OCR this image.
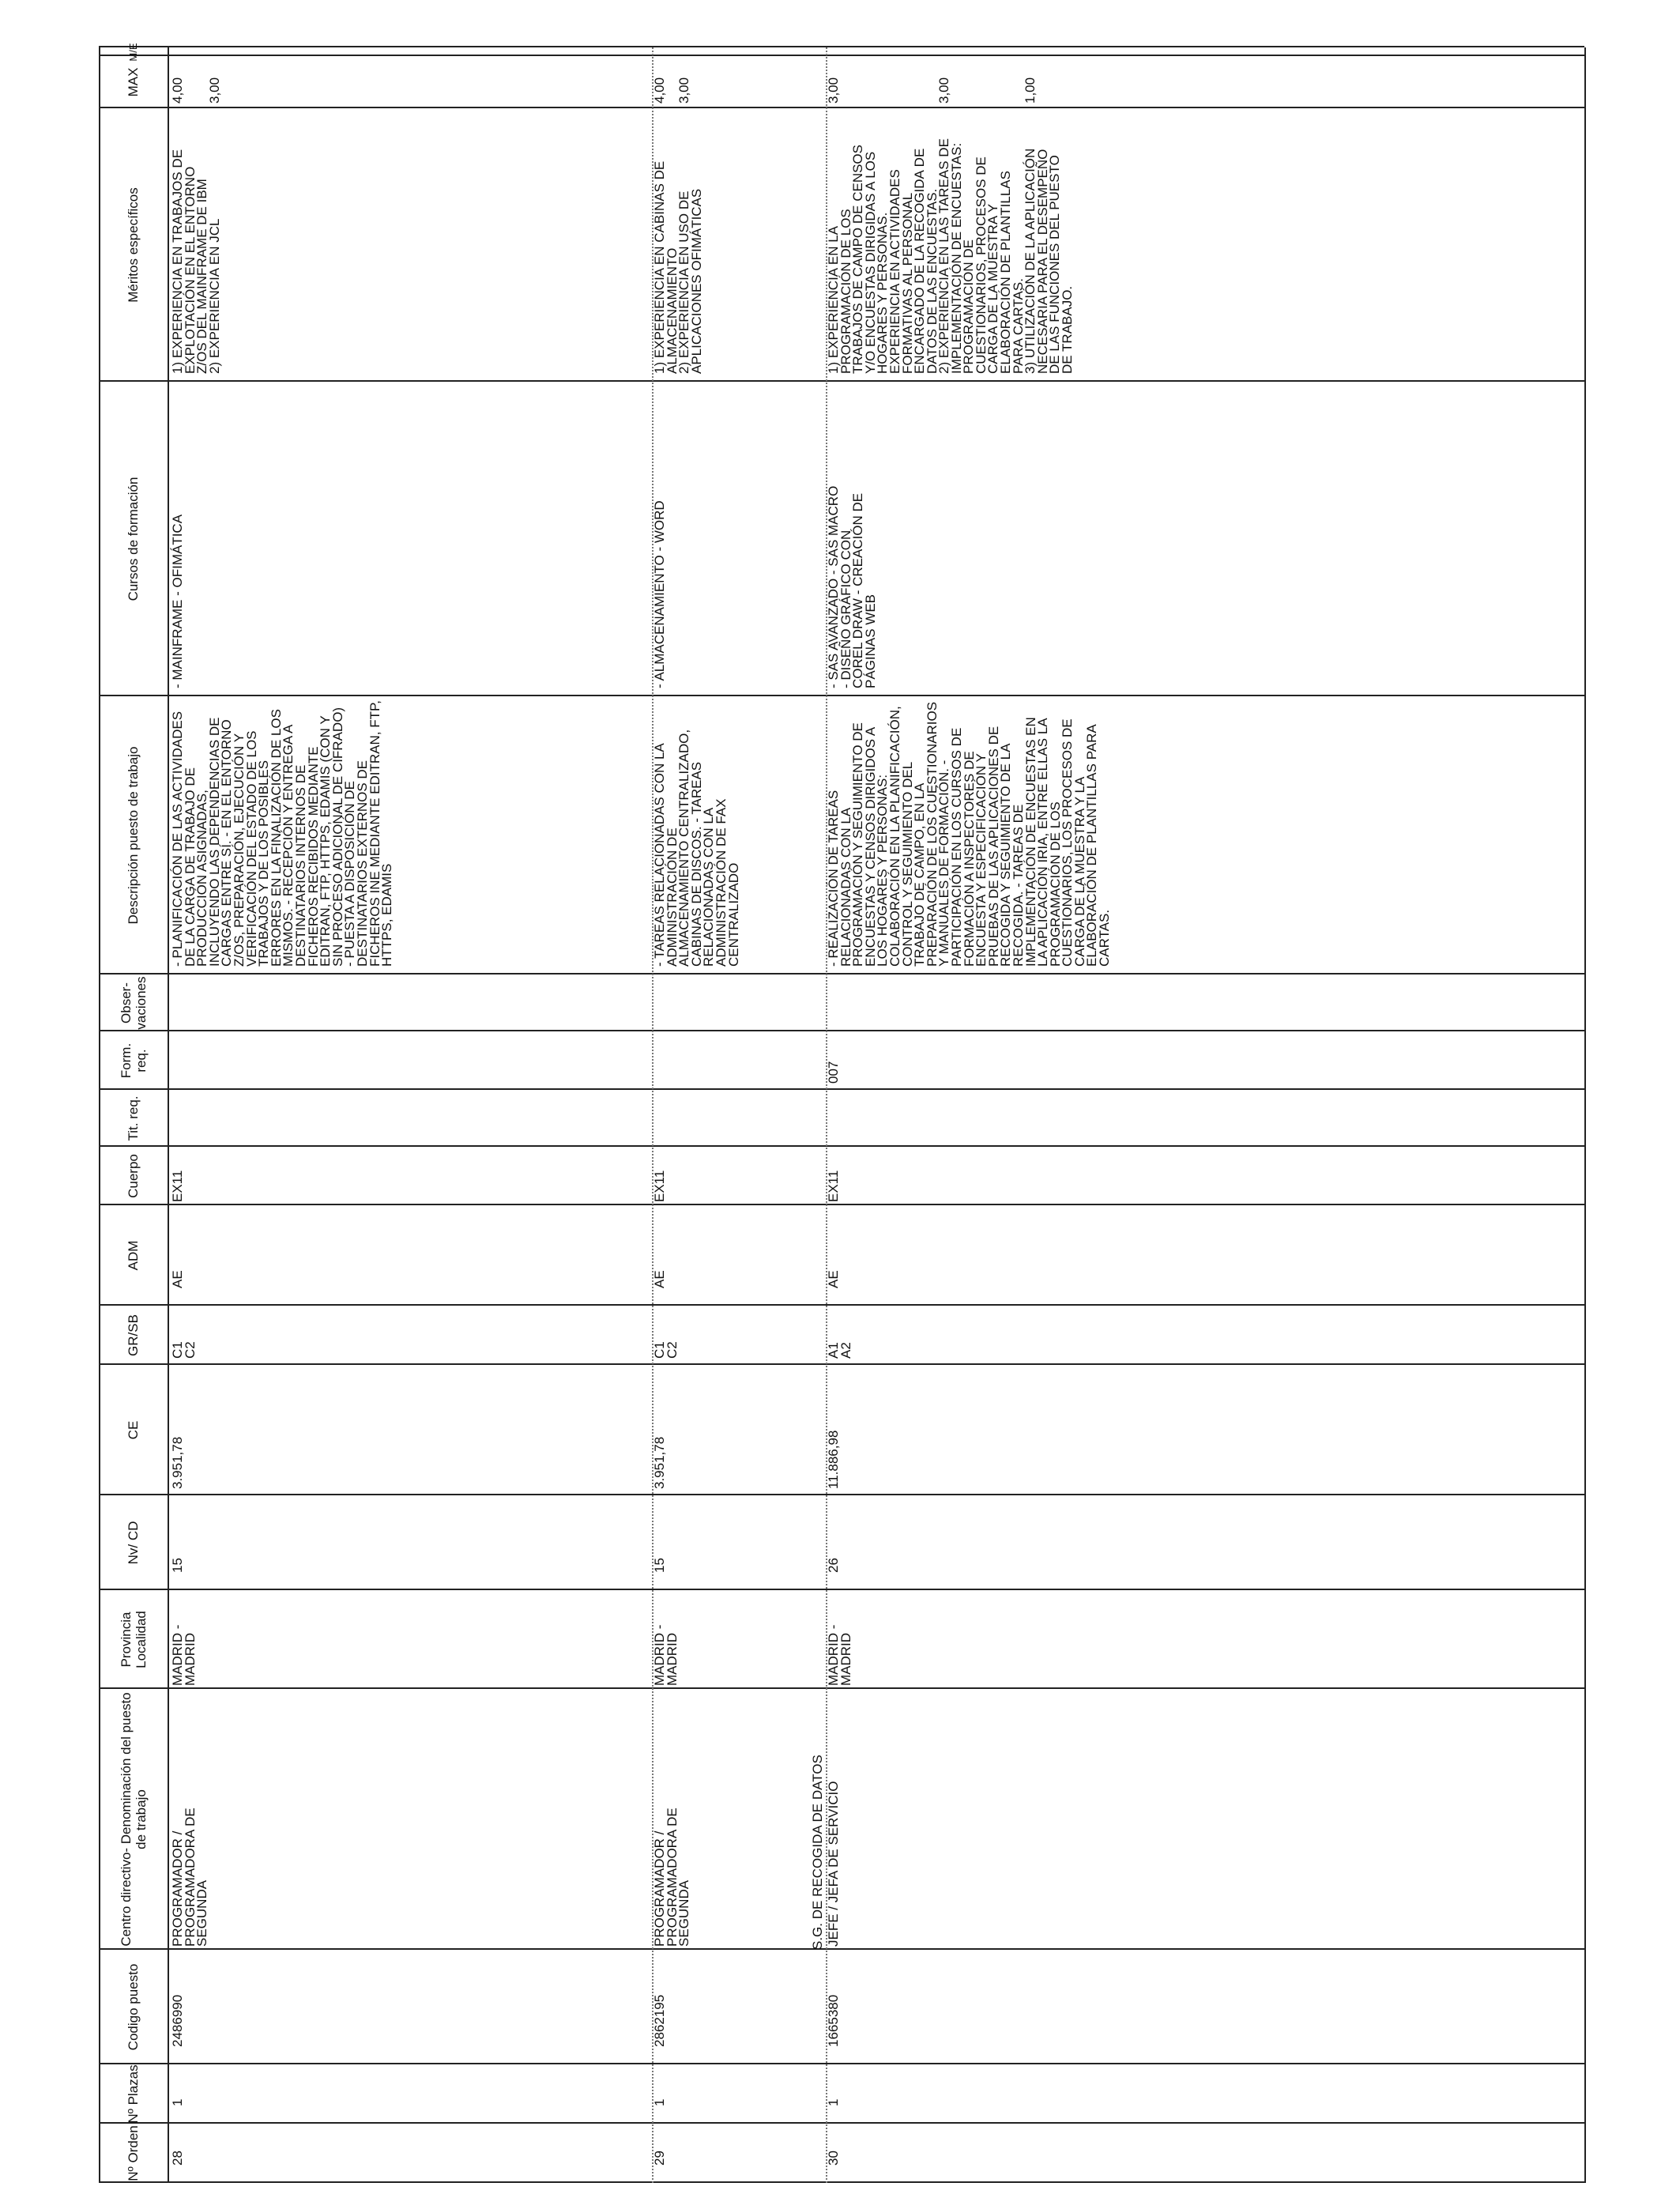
Nº Orden
Nº Plazas
Codigo puesto
Centro directivo- Denominación del puesto de trabajo
Provincia Localidad
Nv/ CD
CE
GR/SB
ADM
Cuerpo
Tit. req.
Form. req.
Obser- vaciones
Descripción puesto de trabajo
Cursos de formación
Méritos específicos
MAX
M/E
28
1
2486990
PROGRAMADOR / PROGRAMADORA DE SEGUNDA
MADRID - MADRID
15
3.951,78
C1 C2
AE
EX11
- PLANIFICACIÓN DE LAS ACTIVIDADES DE LA CARGA DE TRABAJO DE PRODUCCIÓN ASIGNADAS, INCLUYENDO LAS DEPENDENCIAS DE CARGAS ENTRE SÍ. - EN EL ENTORNO Z/OS, PREPARACIÓN, EJECUCIÓN Y VERIFICACIÓN DEL ESTADO DE LOS TRABAJOS Y DE LOS POSIBLES ERRORES EN LA FINALIZACIÓN DE LOS MISMOS. - RECEPCIÓN Y ENTREGA A DESTINATARIOS INTERNOS DE FICHEROS RECIBIDOS MEDIANTE EDITRAN, FTP, HTTPS, EDAMIS (CON Y SIN PROCESO ADICIONAL DE CIFRADO) - PUESTA A DISPOSICIÓN DE DESTINATARIOS EXTERNOS DE FICHEROS INE MEDIANTE EDITRAN, FTP, HTTPS, EDAMIS
- MAINFRAME - OFIMÁTICA
1) EXPERIENCIA EN TRABAJOS DE EXPLOTACIÓN EN EL ENTORNO Z/OS DEL MAINFRAME DE IBM
4,00
2) EXPERIENCIA EN JCL
3,00
29
1
2862195
PROGRAMADOR / PROGRAMADORA DE SEGUNDA
MADRID - MADRID
15
3.951,78
C1 C2
AE
EX11
- TAREAS RELACIONADAS CON LA ADMINISTRACIÓN DE ALMACENAMIENTO CENTRALIZADO, CABINAS DE DISCOS. - TAREAS RELACIONADAS CON LA ADMINISTRACIÓN DE FAX CENTRALIZADO
- ALMACENAMIENTO - WORD
1) EXPERIENCIA EN CABINAS DE ALMACENAMIENTO
4,00
2) EXPERIENCIA EN USO DE APLICACIONES OFIMÁTICAS
3,00
30
1
1665380
S.G. DE RECOGIDA DE DATOS JEFE / JEFA DE SERVICIO
MADRID - MADRID
26
11.886,98
A1 A2
AE
EX11
007
- REALIZACIÓN DE TAREAS RELACIONADAS CON LA PROGRAMACIÓN Y SEGUIMIENTO DE ENCUESTAS Y CENSOS DIRIGIDOS A LOS HOGARES Y PERSONAS: COLABORACIÓN EN LA PLANIFICACIÓN, CONTROL Y SEGUIMIENTO DEL TRABAJO DE CAMPO, EN LA PREPARACIÓN DE LOS CUESTIONARIOS Y MANUALES DE FORMACIÓN. - PARTICIPACIÓN EN LOS CURSOS DE FORMACIÓN A INSPECTORES DE ENCUESTA Y ESPECIFICACIÓN Y PRUEBAS DE LAS APLICACIONES DE RECOGIDA Y SEGUIMIENTO DE LA RECOGIDA. - TAREAS DE IMPLEMENTACIÓN DE ENCUESTAS EN LA APLICACIÓN IRIA, ENTRE ELLAS LA PROGRAMACIÓN DE LOS CUESTIONARIOS, LOS PROCESOS DE CARGA DE LA MUESTRA Y LA ELABORACIÓN DE PLANTILLAS PARA CARTAS.
- SAS AVANZADO - SAS MACRO - DISEÑO GRÁFICO CON COREL DRAW - CREACIÓN DE PÁGINAS WEB
1) EXPERIENCIA EN LA PROGRAMACIÓN DE LOS TRABAJOS DE CAMPO DE CENSOS Y/O ENCUESTAS DIRIGIDAS A LOS HOGARES Y PERSONAS. EXPERIENCIA EN ACTIVIDADES FORMATIVAS AL PERSONAL ENCARGADO DE LA RECOGIDA DE DATOS DE LAS ENCUESTAS.
3,00
2) EXPERIENCIA EN LAS TAREAS DE IMPLEMENTACIÓN DE ENCUESTAS: PROGRAMACIÓN DE CUESTIONARIOS, PROCESOS DE CARGA DE LA MUESTRA Y ELABORACIÓN DE PLANTILLAS PARA CARTAS.
3,00
3) UTILIZACIÓN DE LA APLICACIÓN NECESARIA PARA EL DESEMPEÑO DE LAS FUNCIONES DEL PUESTO DE TRABAJO.
1,00
